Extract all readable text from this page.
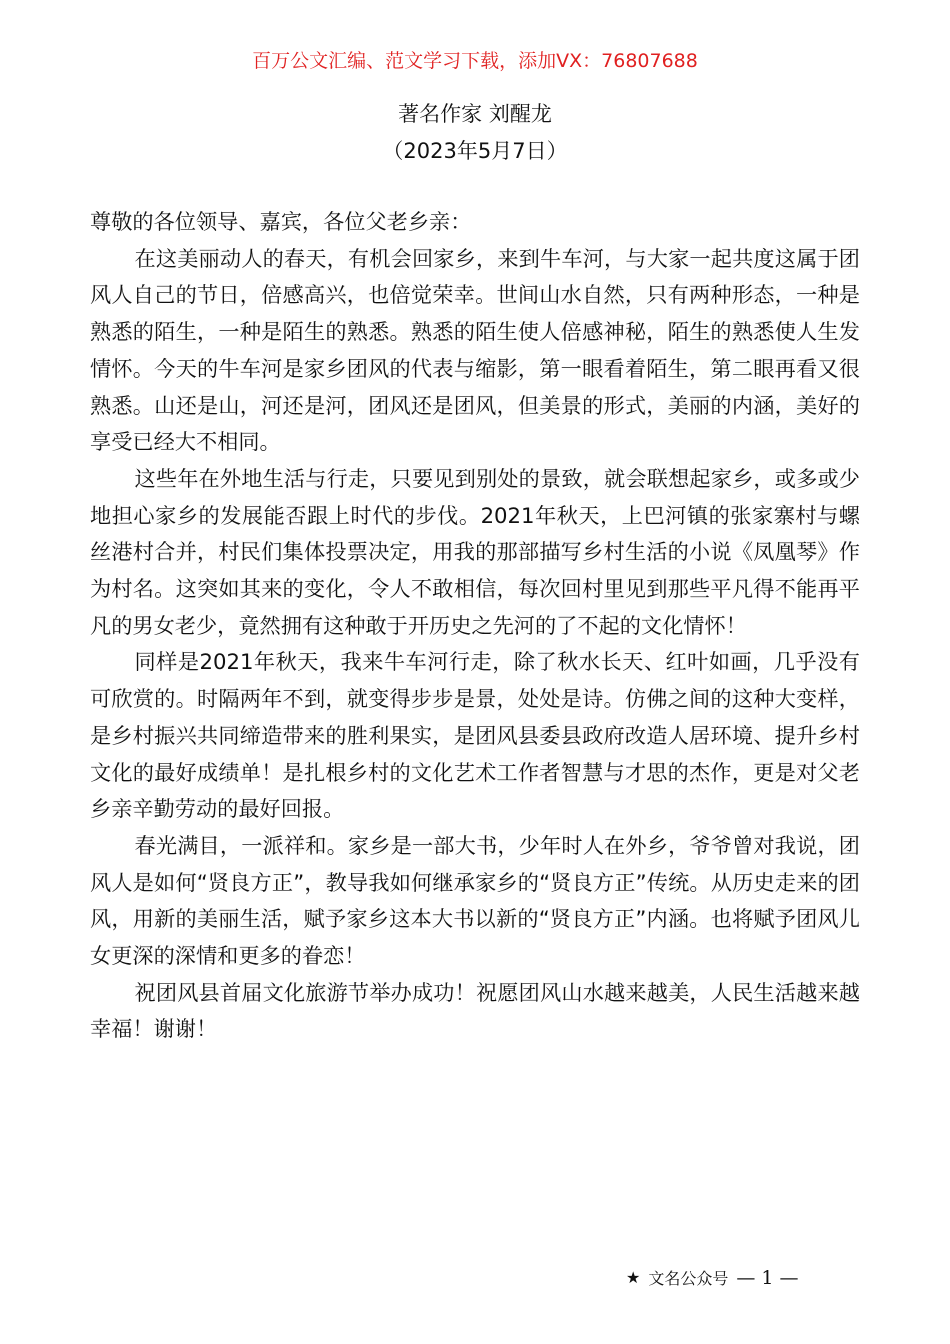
百万公文汇编、范文学习下载，添加VX：76807688
著名作家 刘醒龙
（2023年5月7日）

尊敬的各位领导、嘉宾，各位父老乡亲：

在这美丽动人的春天，有机会回家乡，来到牛车河，与大家一起共度这属于团风人自己的节日，倍感高兴，也倍觉荣幸。世间山水自然，只有两种形态，一种是熟悉的陌生，一种是陌生的熟悉。熟悉的陌生使人倍感神秘，陌生的熟悉使人生发情怀。今天的牛车河是家乡团风的代表与缩影，第一眼看着陌生，第二眼再看又很熟悉。山还是山，河还是河，团风还是团风，但美景的形式，美丽的内涵，美好的享受已经大不相同。

这些年在外地生活与行走，只要见到别处的景致，就会联想起家乡，或多或少地担心家乡的发展能否跟上时代的步伐。2021年秋天，上巴河镇的张家寨村与螺丝港村合并，村民们集体投票决定，用我的那部描写乡村生活的小说《凤凰琴》作为村名。这突如其来的变化，令人不敢相信，每次回村里见到那些平凡得不能再平凡的男女老少，竟然拥有这种敢于开历史之先河的了不起的文化情怀！

同样是2021年秋天，我来牛车河行走，除了秋水长天、红叶如画，几乎没有可欣赏的。时隔两年不到，就变得步步是景，处处是诗。仿佛之间的这种大变样，是乡村振兴共同缔造带来的胜利果实，是团风县委县政府改造人居环境、提升乡村文化的最好成绩单！是扎根乡村的文化艺术工作者智慧与才思的杰作，更是对父老乡亲辛勤劳动的最好回报。

春光满目，一派祥和。家乡是一部大书，少年时人在外乡，爷爷曾对我说，团风人是如何“贤良方正”，教导我如何继承家乡的“贤良方正”传统。从历史走来的团风，用新的美丽生活，赋予家乡这本大书以新的“贤良方正”内涵。也将赋予团风儿女更深的深情和更多的眷恋！

祝团风县首届文化旅游节举办成功！祝愿团风山水越来越美，人民生活越来越幸福！谢谢！

★ 文名公众号 — 1 —
